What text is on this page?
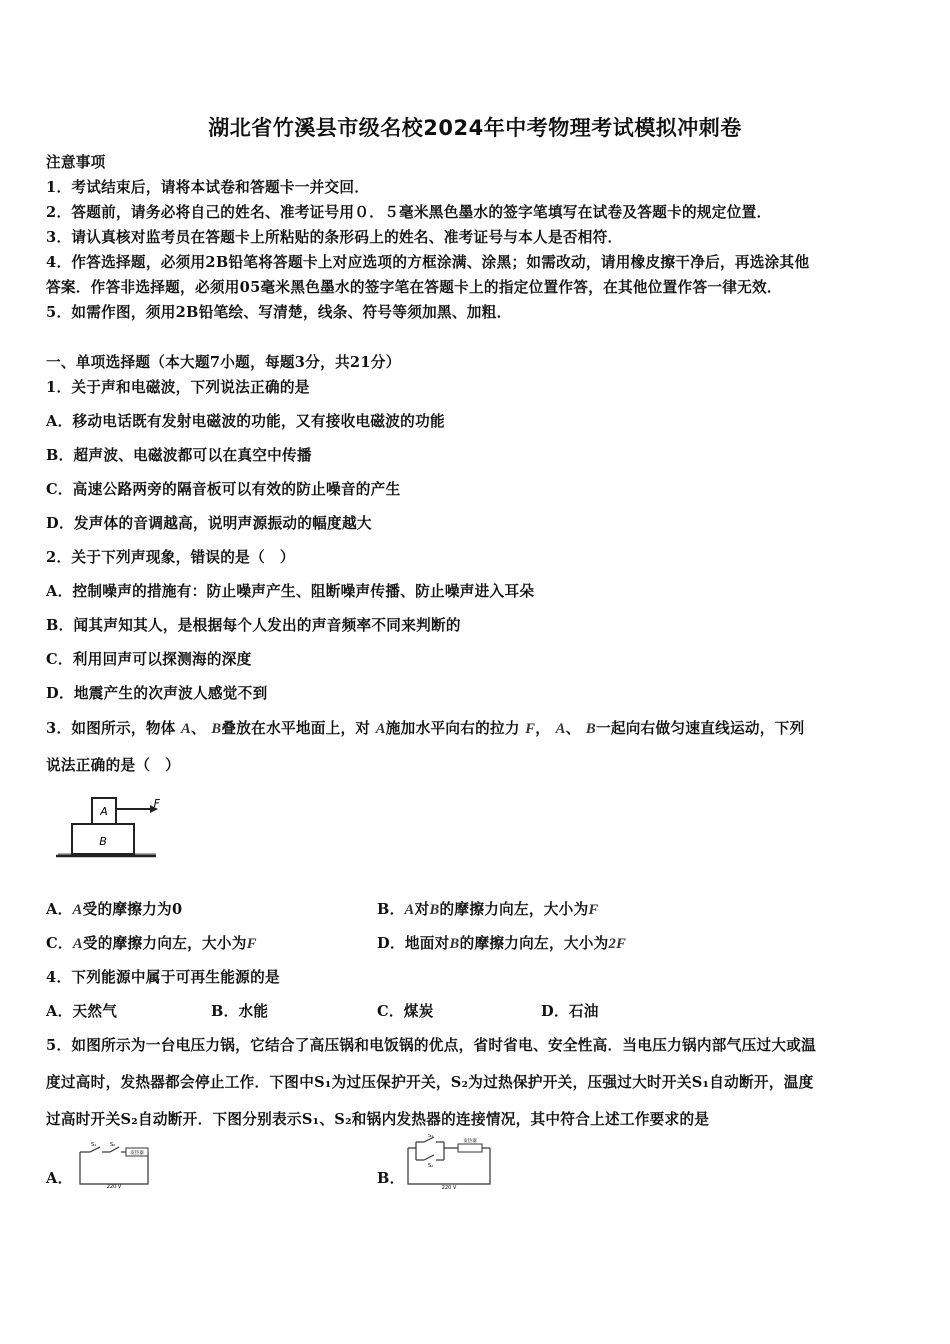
湖北省竹溪县市级名校2024年中考物理考试模拟冲刺卷
注意事项
1．考试结束后，请将本试卷和答题卡一并交回．
2．答题前，请务必将自己的姓名、准考证号用０．５毫米黑色墨水的签字笔填写在试卷及答题卡的规定位置．
3．请认真核对监考员在答题卡上所粘贴的条形码上的姓名、准考证号与本人是否相符．
4．作答选择题，必须用2B铅笔将答题卡上对应选项的方框涂满、涂黑；如需改动，请用橡皮擦干净后，再选涂其他
答案．作答非选择题，必须用05毫米黑色墨水的签字笔在答题卡上的指定位置作答，在其他位置作答一律无效．
5．如需作图，须用2B铅笔绘、写清楚，线条、符号等须加黑、加粗．
一、单项选择题（本大题7小题，每题3分，共21分）
1．关于声和电磁波，下列说法正确的是
A．移动电话既有发射电磁波的功能，又有接收电磁波的功能
B．超声波、电磁波都可以在真空中传播
C．高速公路两旁的隔音板可以有效的防止噪音的产生
D．发声体的音调越高，说明声源振动的幅度越大
2．关于下列声现象，错误的是（　）
A．控制噪声的措施有：防止噪声产生、阻断噪声传播、防止噪声进入耳朵
B．闻其声知其人，是根据每个人发出的声音频率不同来判断的
C．利用回声可以探测海的深度
D．地震产生的次声波人感觉不到
3．如图所示，物体 A、 B叠放在水平地面上，对 A施加水平向右的拉力 F， A、 B一起向右做匀速直线运动，下列
说法正确的是（　）
A
B
F
A．A受的摩擦力为0	B．A对B的摩擦力向左，大小为F
C．A受的摩擦力向左，大小为F	D．地面对B的摩擦力向左，大小为2F
4．下列能源中属于可再生能源的是
A．天然气	B．水能	C．煤炭	D．石油
5．如图所示为一台电压力锅，它结合了高压锅和电饭锅的优点，省时省电、安全性高．当电压力锅内部气压过大或温
度过高时，发热器都会停止工作．下图中S₁为过压保护开关，S₂为过热保护开关，压强过大时开关S₁自动断开，温度
过高时开关S₂自动断开．下图分别表示S₁、S₂和锅内发热器的连接情况，其中符合上述工作要求的是
A．
S₁	S₂
发热器
220 V	B．
S₁
S₂
发热器
220 V
